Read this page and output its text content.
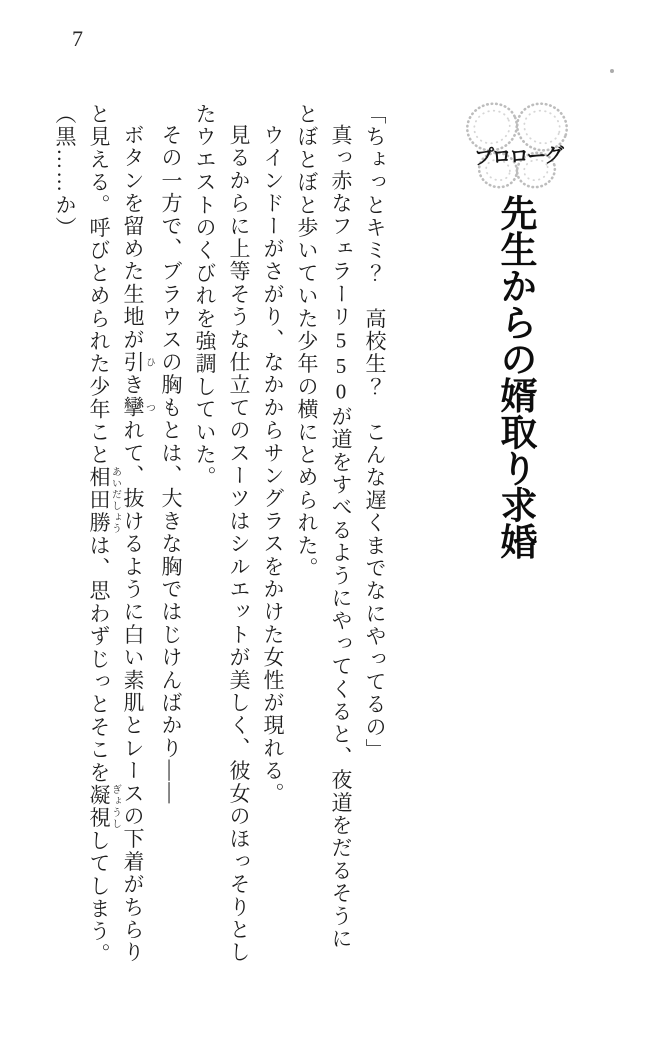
7
プロローグ
先生からの婿取り求婚

「ちょっとキミ？　高校生？　こんな遅くまでなにやってるの」

真っ赤なフェラーリ550が道をすべるようにやってくると、夜道をだるそうにとぼとぼと歩いていた少年の横にとめられた。

ウインドーがさがり、なかからサングラスをかけた女性が現れる。

見るからに上等そうな仕立てのスーツはシルエットが美しく、彼女のほっそりとしたウエストのくびれを強調していた。

その一方で、ブラウスの胸もとは、大きな胸ではじけんばかり——

ボタンを留めた生地が引ひき攣つれて、抜けるように白い素肌とレースの下着がちらりと見える。呼びとめられた少年こと相田勝あいだしょうは、思わずじっとそこを凝視ぎょうししてしまう。

（黒……か）
